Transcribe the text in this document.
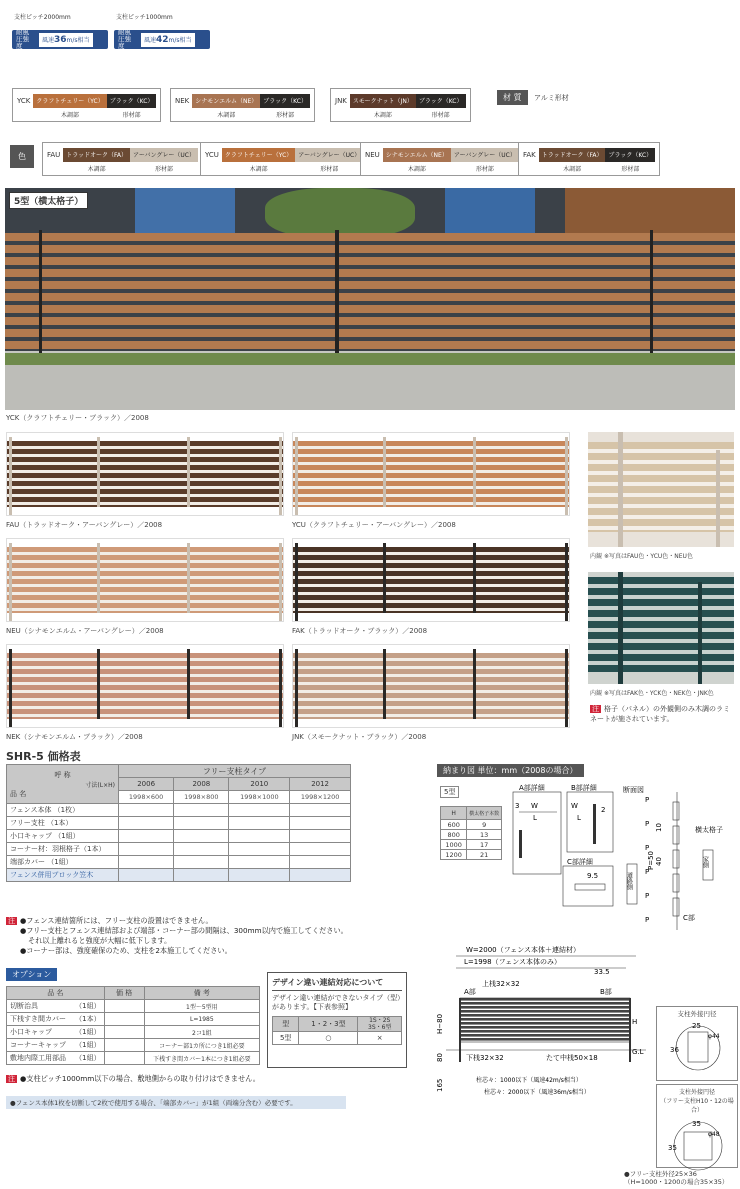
支柱ピッチ2000mm
耐風圧強度
風速36m/s相当
支柱ピッチ1000mm
耐風圧強度
風速42m/s相当
材 質	アルミ形材
色
5型（横太格子）
YCK（クラフトチェリー・ブラック）／2008
内観 ※写真はFAU色・YCU色・NEU色
内観 ※写真はFAK色・YCK色・NEK色・JNK色
注 格子（パネル）の外観側のみ木調のラミネートが施されています。
SHR-5 価格表
呼 称
寸法(L×H)
品 名	フリー支柱タイプ			
	2006	2008	2010	2012
	1998×600	1998×800	1998×1000	1998×1200
フェンス本体 （1枚）				
フリー支柱 （1本）				
小口キャップ （1組）				
コーナー材：羽根格子（1本）				
端部カバー （1組）				
フェンス併用ブロック笠木				
注 ●フェンス連結箇所には、フリー支柱の設置はできません。
●フリー支柱とフェンス連結部および端部・コーナー部の間隔は、300mm以内で施工してください。
それ以上離れると強度が大幅に低下します。
●コーナー部は、強度確保のため、支柱を2本施工してください。
オプション
品 名	価 格	備 考
切断治具 （1組）		1型〜5型用
下桟すき間カバー （1本）		L=1985
小口キャップ （1組）		2コ1組
コーナーキャップ （1組）		コーナー部1カ所につき1組必要
敷地内際工用部品 （1組）		下桟すき間カバー1本につき1組必要
デザイン違い連結対応について
デザイン違い連結ができないタイプ（型）があります。【下表参照】
型	1・2・3型	1S・2S
3S・6型
5型	○	×
注 ●支柱ピッチ1000mm以下の場合、敷地側からの取り付けはできません。
●フェンス本体1枚を切断して2枚で使用する場合、「端部カバー」が1組（両端分含む）必要です。
納まり図 単位：mm（2008の場合）
5型
H	横太格子本数
600	9
800	13
1000	17
1200	21
A部詳細
3 W
L
B部詳細
W	2
L
C部詳細
9.5
断面図
P
P
P
P
P
P
10
40
P=50
横太格子
C部
道路側
家側
W=2000（フェンス本体＋連結材）
L=1998（フェンス本体のみ）
33.5
上桟32×32
A部	B部
H
H−80
80
165
G.L
下桟32×32	たて中桟50×18
柱芯々：1000以下（風速42m/s相当）
柱芯々：2000以下（風速36m/s相当）
支柱外接円径
25
36
φ44
支柱外接円径
（フリー支柱H10・12の場合）
35
35
φ48
●フリー支柱外径25×36
（H=1000・1200の場合35×35）
YCK	クラフトチェリー（YC）
木調部
ブラック（KC）
形材部
NEK	シナモンエルム（NE）
木調部
ブラック（KC）
形材部
JNK	スモークナット（JN）
木調部
ブラック（KC）
形材部
FAU	トラッドオーク（FA）
木調部
アーバングレー（UC）
形材部
YCU	クラフトチェリー（YC）
木調部
アーバングレー（UC）
形材部
NEU	シナモンエルム（NE）
木調部
アーバングレー（UC）
形材部
FAK	トラッドオーク（FA）
木調部
ブラック（KC）
形材部
FAU（トラッドオーク・アーバングレー）／2008	YCU（クラフトチェリー・アーバングレー）／2008
NEU（シナモンエルム・アーバングレー）／2008	FAK（トラッドオーク・ブラック）／2008
NEK（シナモンエルム・ブラック）／2008	JNK（スモークナット・ブラック）／2008
